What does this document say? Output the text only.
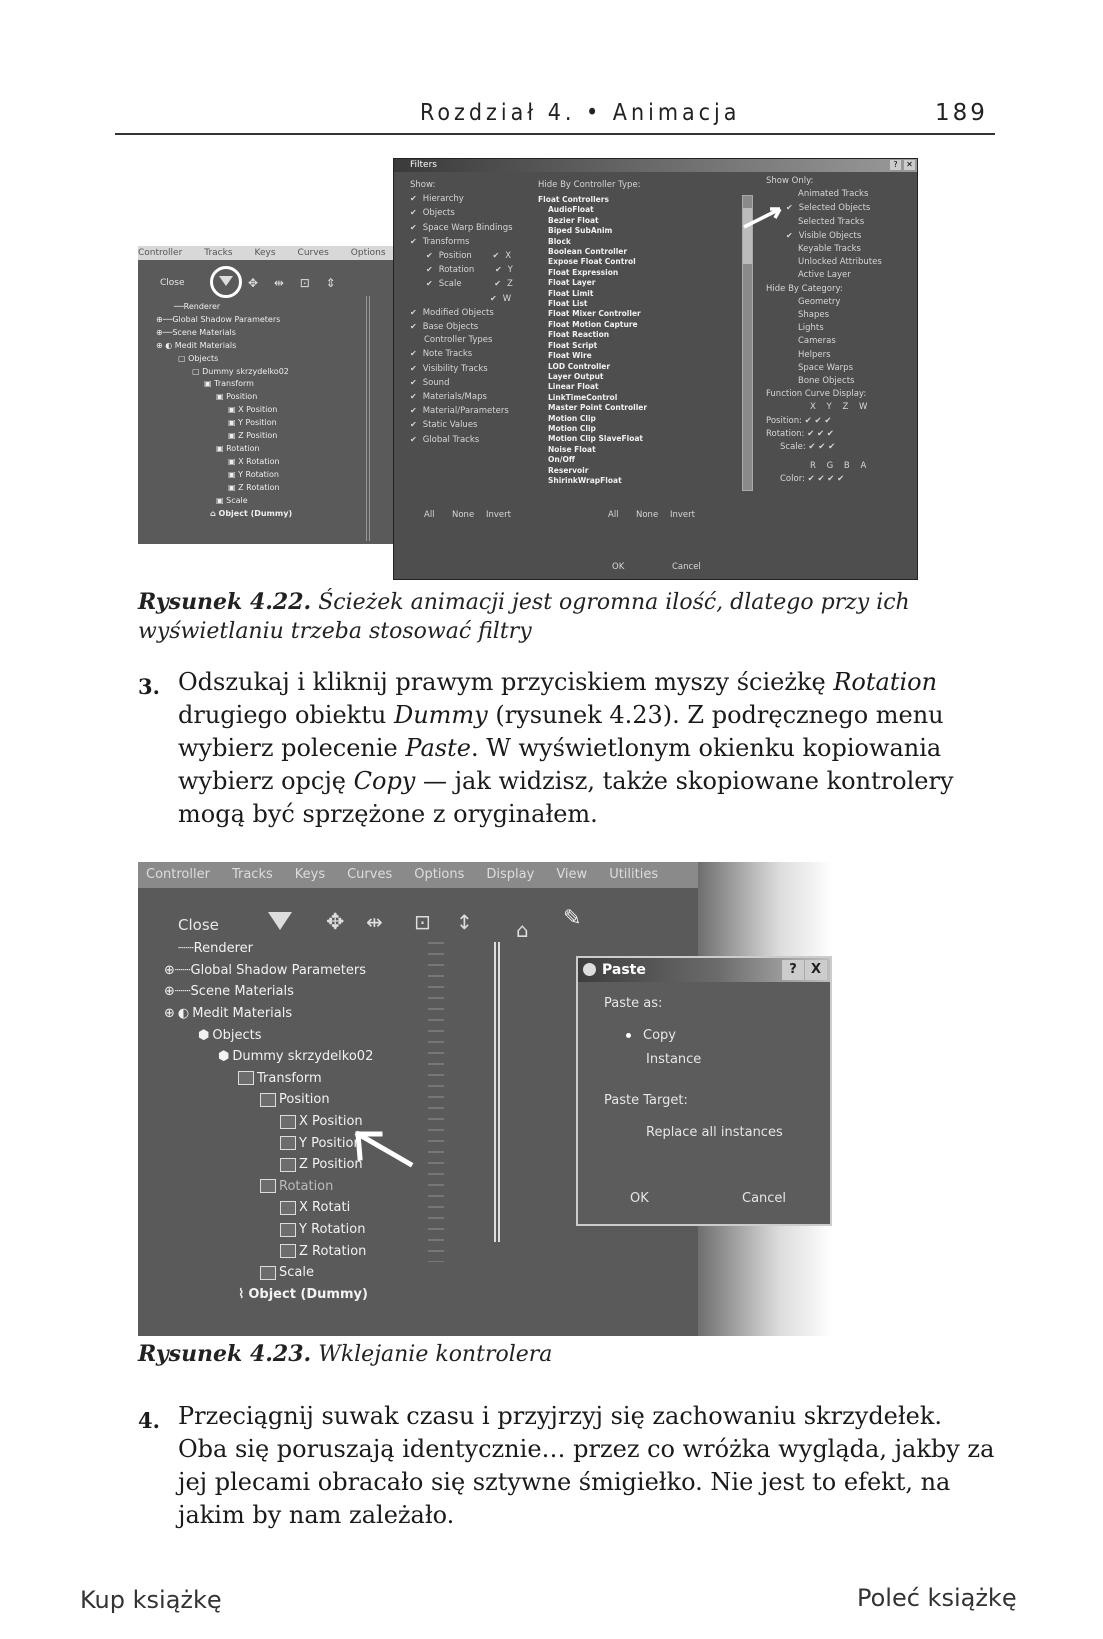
Rozdział 4. • Animacja	189
Controller Tracks Keys Curves Options
Close	✥ ⇹ ⊡ ⇕
──Renderer
⊕──Global Shadow Parameters
⊕──Scene Materials
⊕ ◐ Medit Materials
▢ Objects
▢ Dummy skrzydelko02
▣ Transform
▣ Position
▣ X Position
▣ Y Position
▣ Z Position
▣ Rotation
▣ X Rotation
▣ Y Rotation
▣ Z Rotation
▣ Scale
⌂ Object (Dummy)
Filters	?	✕
Show:
✔ Hierarchy
✔ Objects
✔ Space Warp Bindings
✔ Transforms
✔ Position	✔ X
✔ Rotation	✔ Y
✔ Scale	✔ Z
✔ W
✔ Modified Objects
✔ Base Objects
Controller Types
✔ Note Tracks
✔ Visibility Tracks
✔ Sound
✔ Materials/Maps
✔ Material/Parameters
✔ Static Values
✔ Global Tracks
Hide By Controller Type:
Float Controllers
AudioFloat
Bezier Float
Biped SubAnim
Block
Boolean Controller
Expose Float Control
Float Expression
Float Layer
Float Limit
Float List
Float Mixer Controller
Float Motion Capture
Float Reaction
Float Script
Float Wire
LOD Controller
Layer Output
Linear Float
LinkTimeControl
Master Point Controller
Motion Clip
Motion Clip
Motion Clip SlaveFloat
Noise Float
On/Off
Reservoir
ShirinkWrapFloat
Show Only:
Animated Tracks
✔ Selected Objects
Selected Tracks
✔ Visible Objects
Keyable Tracks
Unlocked Attributes
Active Layer
Hide By Category:
Geometry
Shapes
Lights
Cameras
Helpers
Space Warps
Bone Objects
Function Curve Display:
X Y Z W
Position: ✔ ✔ ✔
Rotation: ✔ ✔ ✔
Scale: ✔ ✔ ✔
R G B A
Color: ✔ ✔ ✔ ✔
All None Invert	All None Invert
OK	Cancel
Rysunek 4.22. Ścieżek animacji jest ogromna ilość, dlatego przy ich wyświetlaniu trzeba stosować filtry
3. Odszukaj i kliknij prawym przyciskiem myszy ścieżkę Rotation drugiego obiektu Dummy (rysunek 4.23). Z podręcznego menu wybierz polecenie Paste. W wyświetlonym okienku kopiowania wybierz opcję Copy — jak widzisz, także skopiowane kontrolery mogą być sprzężone z oryginałem.
Controller Tracks Keys Curves Options Display View Utilities
Close	✥ ⇹ ⊡ ↕ ⌂ ✎
┈┈ Renderer
⊕┈┈ Global Shadow Parameters
⊕┈┈ Scene Materials
⊕ ◐ Medit Materials
⬢ Objects
⬢ Dummy skrzydelko02
Transform
Position
X Position
Y Position
Z Position
Rotation
X Rotati
Y Rotation
Z Rotation
Scale
⌇ Object (Dummy)
Paste	?	X
Paste as:
Copy
Instance
Paste Target:
Replace all instances
OK	Cancel
Rysunek 4.23. Wklejanie kontrolera
4. Przeciągnij suwak czasu i przyjrzyj się zachowaniu skrzydełek. Oba się poruszają identycznie… przez co wróżka wygląda, jakby za jej plecami obracało się sztywne śmigiełko. Nie jest to efekt, na jakim by nam zależało.
Kup książkę	Poleć książkę
